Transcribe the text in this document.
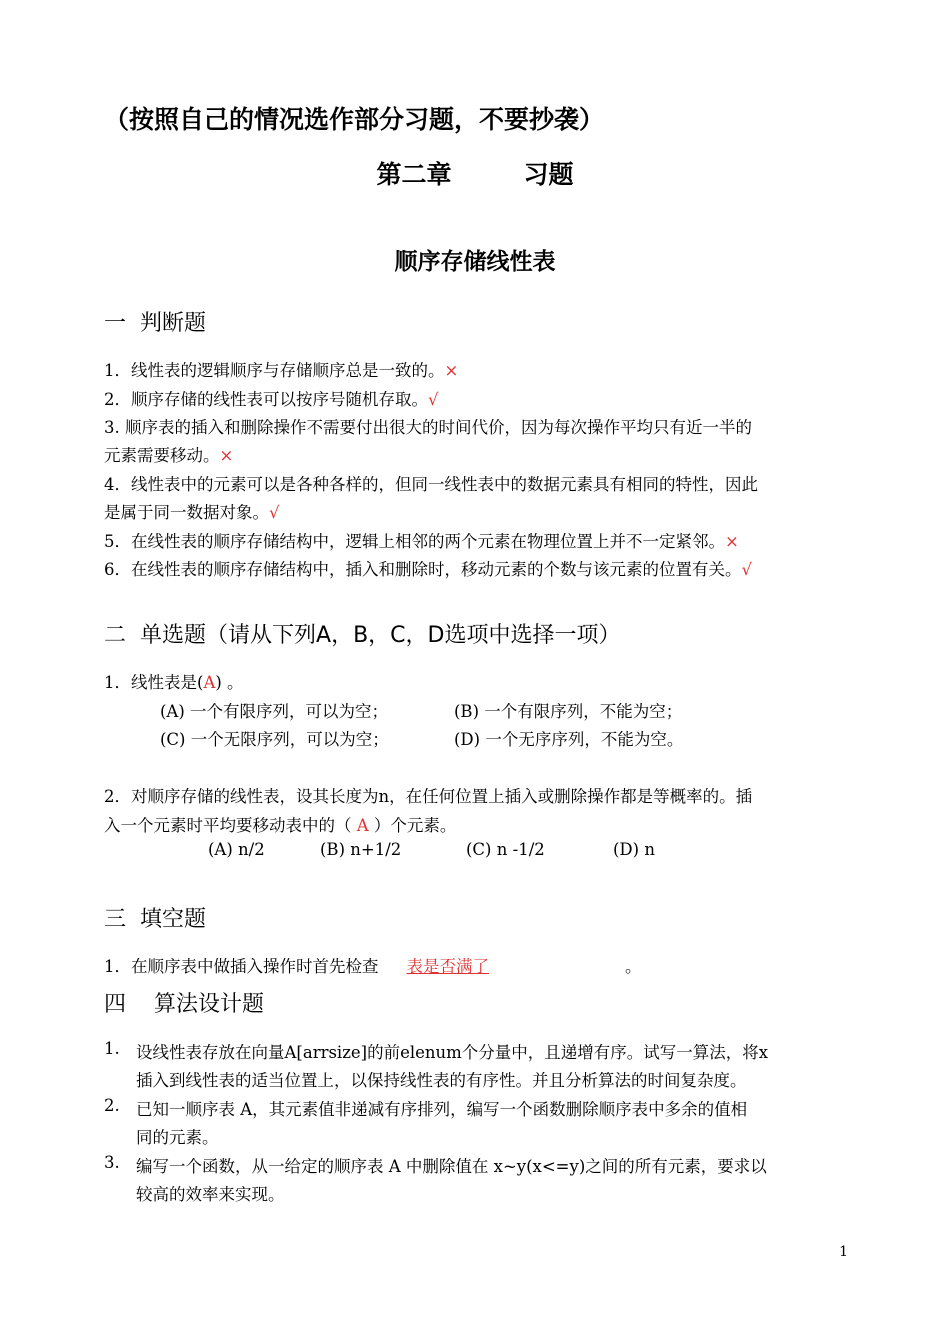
（按照自己的情况选作部分习题，不要抄袭）
第二章	习题
顺序存储线性表
一 判断题
1．线性表的逻辑顺序与存储顺序总是一致的。×
2．顺序存储的线性表可以按序号随机存取。√
3. 顺序表的插入和删除操作不需要付出很大的时间代价，因为每次操作平均只有近一半的
元素需要移动。×
4．线性表中的元素可以是各种各样的，但同一线性表中的数据元素具有相同的特性，因此
是属于同一数据对象。√
5．在线性表的顺序存储结构中，逻辑上相邻的两个元素在物理位置上并不一定紧邻。×
6．在线性表的顺序存储结构中，插入和删除时，移动元素的个数与该元素的位置有关。√
二 单选题（请从下列A，B，C，D选项中选择一项）
1．线性表是(A) 。
(A) 一个有限序列，可以为空；	(B) 一个有限序列，不能为空；
(C) 一个无限序列，可以为空；	(D) 一个无序序列，不能为空。
2．对顺序存储的线性表，设其长度为n，在任何位置上插入或删除操作都是等概率的。插
入一个元素时平均要移动表中的（ A ）个元素。
(A) n/2	(B) n+1/2	(C) n -1/2	(D) n
三 填空题
1．在顺序表中做插入操作时首先检查 表是否满了	。
四 算法设计题
1. 设线性表存放在向量A[arrsize]的前elenum个分量中，且递增有序。试写一算法，将x
插入到线性表的适当位置上，以保持线性表的有序性。并且分析算法的时间复杂度。
2. 已知一顺序表 A，其元素值非递减有序排列，编写一个函数删除顺序表中多余的值相
同的元素。
3. 编写一个函数，从一给定的顺序表 A 中删除值在 x~y(x<=y)之间的所有元素，要求以
较高的效率来实现。
1
